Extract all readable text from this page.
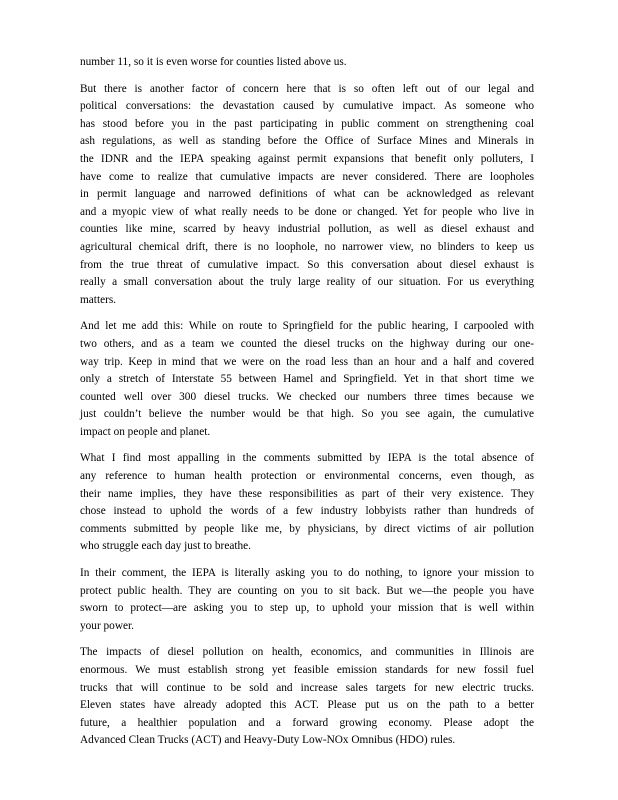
number 11, so it is even worse for counties listed above us.
But there is another factor of concern here that is so often left out of our legal and
political conversations: the devastation caused by cumulative impact. As someone who
has stood before you in the past participating in public comment on strengthening coal
ash regulations, as well as standing before the Office of Surface Mines and Minerals in
the IDNR and the IEPA speaking against permit expansions that benefit only polluters, I
have come to realize that cumulative impacts are never considered. There are loopholes
in permit language and narrowed definitions of what can be acknowledged as relevant
and a myopic view of what really needs to be done or changed. Yet for people who live in
counties like mine, scarred by heavy industrial pollution, as well as diesel exhaust and
agricultural chemical drift, there is no loophole, no narrower view, no blinders to keep us
from the true threat of cumulative impact. So this conversation about diesel exhaust is
really a small conversation about the truly large reality of our situation. For us everything
matters.
And let me add this: While on route to Springfield for the public hearing, I carpooled with
two others, and as a team we counted the diesel trucks on the highway during our one-
way trip. Keep in mind that we were on the road less than an hour and a half and covered
only a stretch of Interstate 55 between Hamel and Springfield. Yet in that short time we
counted well over 300 diesel trucks. We checked our numbers three times because we
just couldn’t believe the number would be that high. So you see again, the cumulative
impact on people and planet.
What I find most appalling in the comments submitted by IEPA is the total absence of
any reference to human health protection or environmental concerns, even though, as
their name implies, they have these responsibilities as part of their very existence. They
chose instead to uphold the words of a few industry lobbyists rather than hundreds of
comments submitted by people like me, by physicians, by direct victims of air pollution
who struggle each day just to breathe.
In their comment, the IEPA is literally asking you to do nothing, to ignore your mission to
protect public health. They are counting on you to sit back. But we—the people you have
sworn to protect—are asking you to step up, to uphold your mission that is well within
your power.
The impacts of diesel pollution on health, economics, and communities in Illinois are
enormous. We must establish strong yet feasible emission standards for new fossil fuel
trucks that will continue to be sold and increase sales targets for new electric trucks.
Eleven states have already adopted this ACT. Please put us on the path to a better
future, a healthier population and a forward growing economy. Please adopt the
Advanced Clean Trucks (ACT) and Heavy-Duty Low-NOx Omnibus (HDO) rules.
